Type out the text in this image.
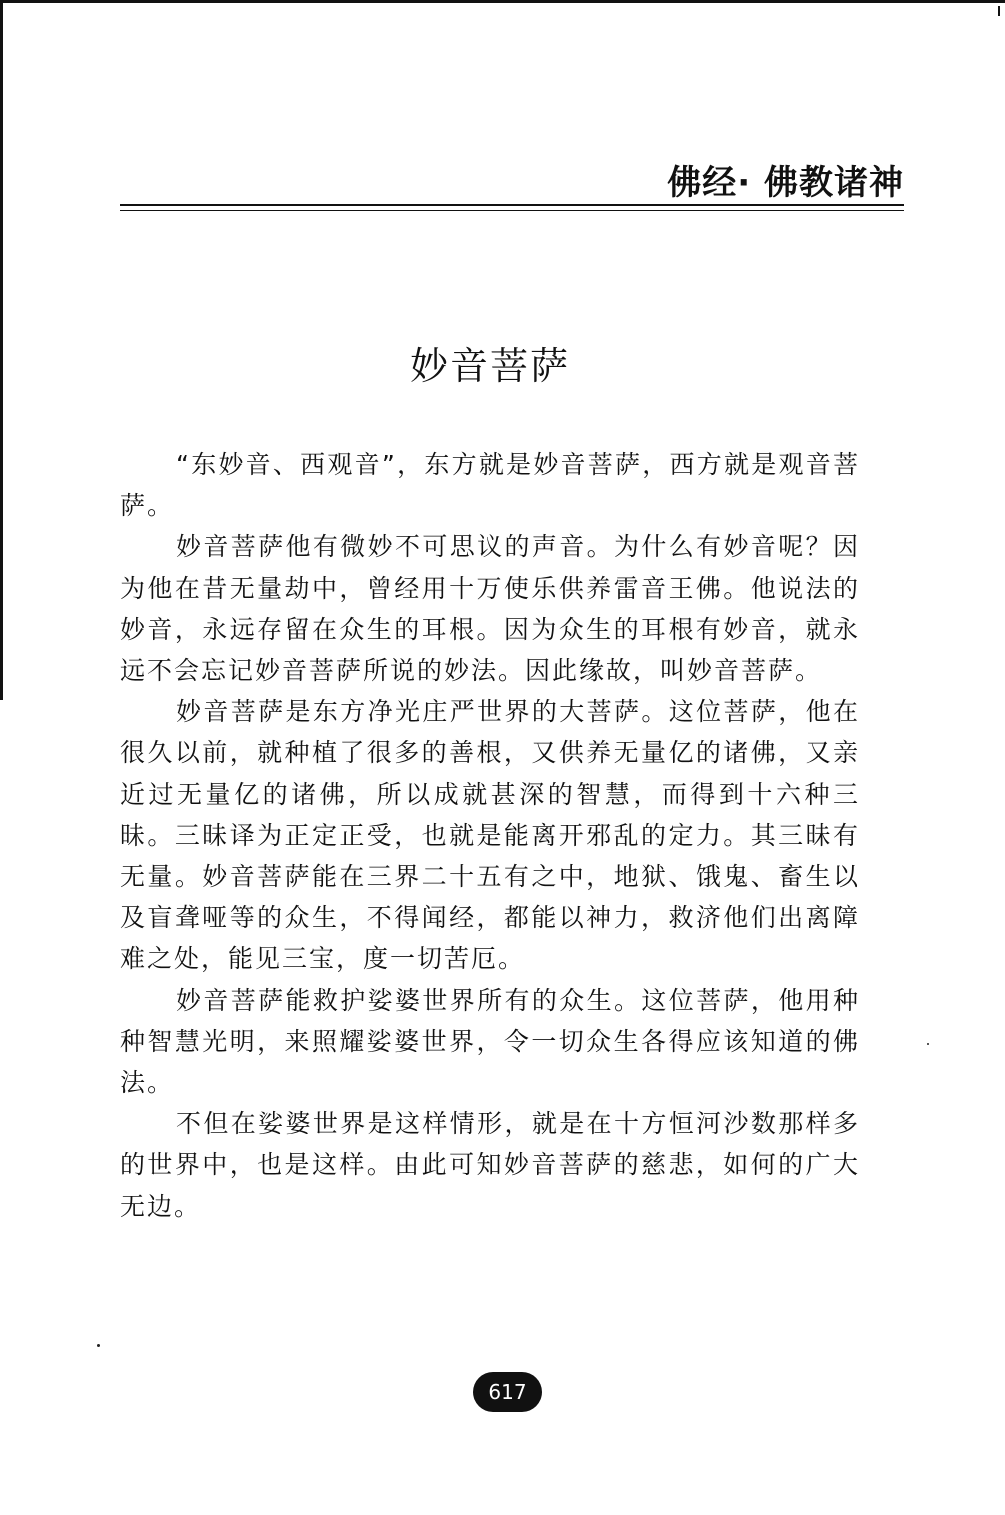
佛经· 佛教诸神
妙音菩萨

“东妙音、西观音”，东方就是妙音菩萨，西方就是观音菩萨。

妙音菩萨他有微妙不可思议的声音。为什么有妙音呢？因为他在昔无量劫中，曾经用十万使乐供养雷音王佛。他说法的妙音，永远存留在众生的耳根。因为众生的耳根有妙音，就永远不会忘记妙音菩萨所说的妙法。因此缘故，叫妙音菩萨。

妙音菩萨是东方净光庄严世界的大菩萨。这位菩萨，他在很久以前，就种植了很多的善根，又供养无量亿的诸佛，又亲近过无量亿的诸佛，所以成就甚深的智慧，而得到十六种三昧。三昧译为正定正受，也就是能离开邪乱的定力。其三昧有无量。妙音菩萨能在三界二十五有之中，地狱、饿鬼、畜生以及盲聋哑等的众生，不得闻经，都能以神力，救济他们出离障难之处，能见三宝，度一切苦厄。

妙音菩萨能救护娑婆世界所有的众生。这位菩萨，他用种种智慧光明，来照耀娑婆世界，令一切众生各得应该知道的佛法。

不但在娑婆世界是这样情形，就是在十方恒河沙数那样多的世界中，也是这样。由此可知妙音菩萨的慈悲，如何的广大无边。

617
